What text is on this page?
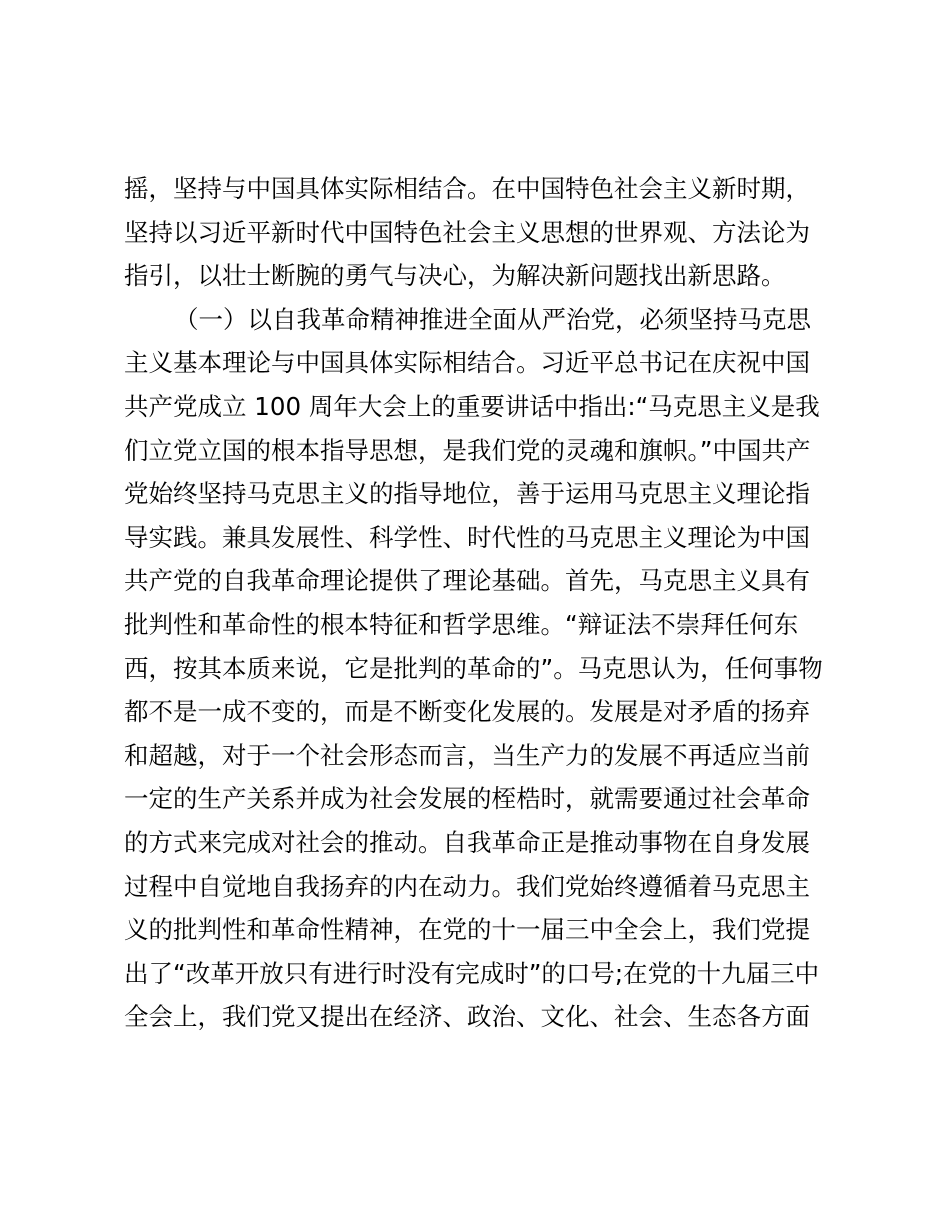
摇，坚持与中国具体实际相结合。在中国特色社会主义新时期，
坚持以习近平新时代中国特色社会主义思想的世界观、方法论为
指引，以壮士断腕的勇气与决心，为解决新问题找出新思路。
（一）以自我革命精神推进全面从严治党，必须坚持马克思
主义基本理论与中国具体实际相结合。习近平总书记在庆祝中国
共产党成立 100 周年大会上的重要讲话中指出:“马克思主义是我
们立党立国的根本指导思想，是我们党的灵魂和旗帜。”中国共产
党始终坚持马克思主义的指导地位，善于运用马克思主义理论指
导实践。兼具发展性、科学性、时代性的马克思主义理论为中国
共产党的自我革命理论提供了理论基础。首先，马克思主义具有
批判性和革命性的根本特征和哲学思维。“辩证法不崇拜任何东
西，按其本质来说，它是批判的革命的”。马克思认为，任何事物
都不是一成不变的，而是不断变化发展的。发展是对矛盾的扬弃
和超越，对于一个社会形态而言，当生产力的发展不再适应当前
一定的生产关系并成为社会发展的桎梏时，就需要通过社会革命
的方式来完成对社会的推动。自我革命正是推动事物在自身发展
过程中自觉地自我扬弃的内在动力。我们党始终遵循着马克思主
义的批判性和革命性精神，在党的十一届三中全会上，我们党提
出了“改革开放只有进行时没有完成时”的口号;在党的十九届三中
全会上，我们党又提出在经济、政治、文化、社会、生态各方面
